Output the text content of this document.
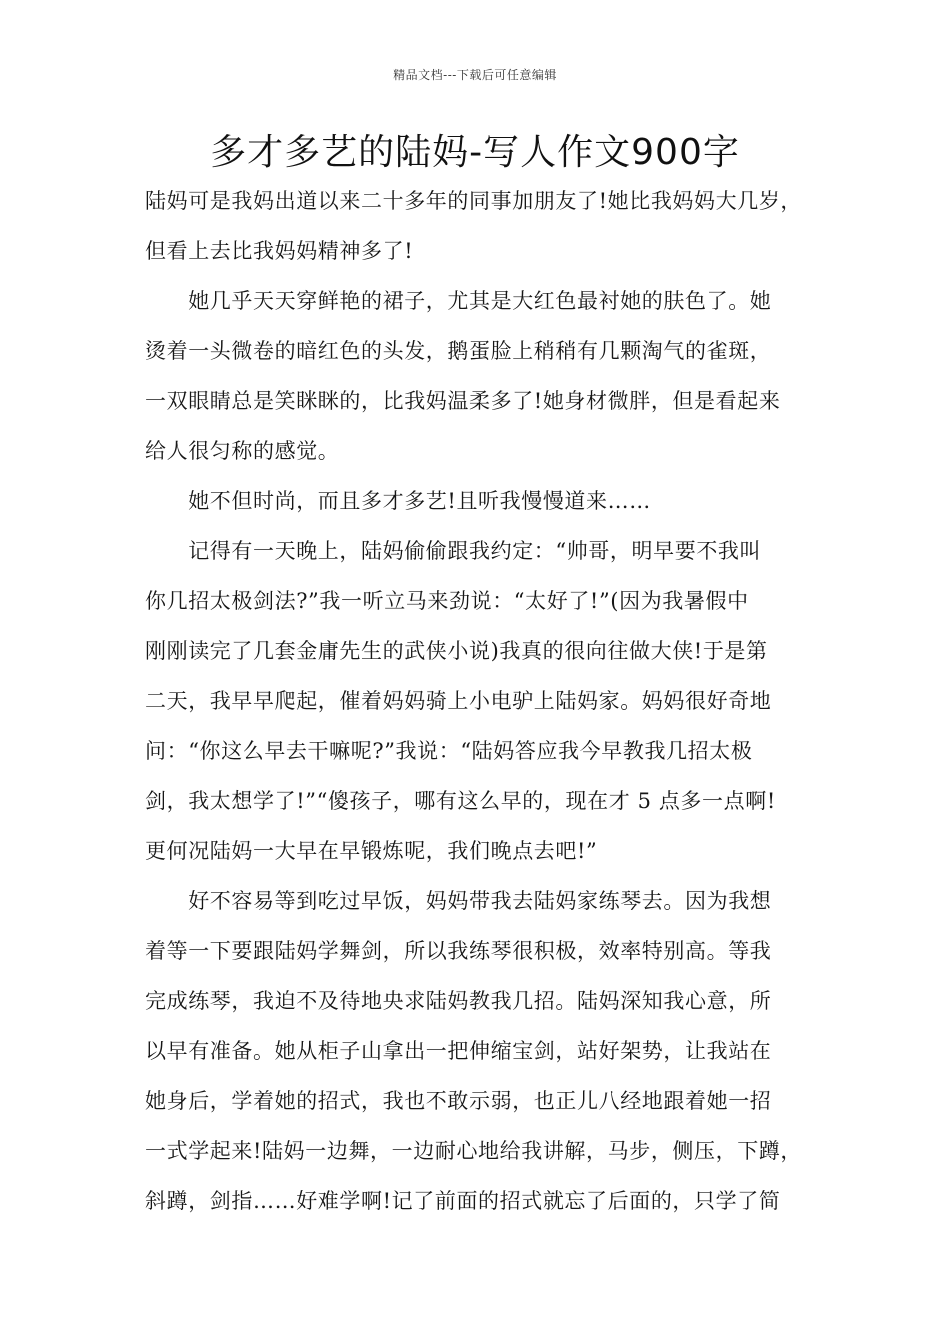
精品文档---下载后可任意编辑
多才多艺的陆妈-写人作文900字
陆妈可是我妈出道以来二十多年的同事加朋友了!她比我妈妈大几岁，
但看上去比我妈妈精神多了!
　　她几乎天天穿鲜艳的裙子，尤其是大红色最衬她的肤色了。她
烫着一头微卷的暗红色的头发，鹅蛋脸上稍稍有几颗淘气的雀斑，
一双眼睛总是笑眯眯的，比我妈温柔多了!她身材微胖，但是看起来
给人很匀称的感觉。
　　她不但时尚，而且多才多艺!且听我慢慢道来……
　　记得有一天晚上，陆妈偷偷跟我约定：“帅哥，明早要不我叫
你几招太极剑法?”我一听立马来劲说：“太好了!”(因为我暑假中
刚刚读完了几套金庸先生的武侠小说)我真的很向往做大侠!于是第
二天，我早早爬起，催着妈妈骑上小电驴上陆妈家。妈妈很好奇地
问：“你这么早去干嘛呢?”我说：“陆妈答应我今早教我几招太极
剑，我太想学了!”“傻孩子，哪有这么早的，现在才 5 点多一点啊!
更何况陆妈一大早在早锻炼呢，我们晚点去吧!”
　　好不容易等到吃过早饭，妈妈带我去陆妈家练琴去。因为我想
着等一下要跟陆妈学舞剑，所以我练琴很积极，效率特别高。等我
完成练琴，我迫不及待地央求陆妈教我几招。陆妈深知我心意，所
以早有准备。她从柜子山拿出一把伸缩宝剑，站好架势，让我站在
她身后，学着她的招式，我也不敢示弱，也正儿八经地跟着她一招
一式学起来!陆妈一边舞，一边耐心地给我讲解，马步，侧压，下蹲，
斜蹲，剑指……好难学啊!记了前面的招式就忘了后面的，只学了简
